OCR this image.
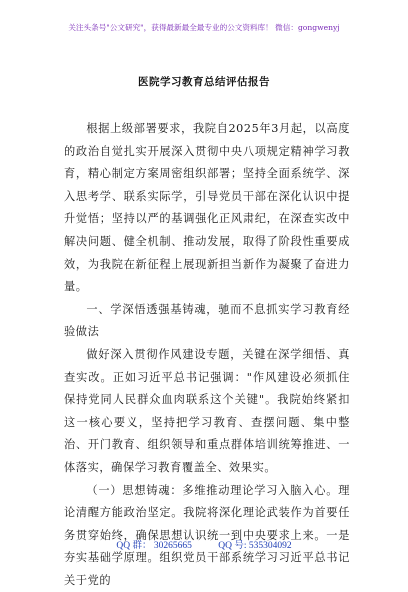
关注头条号"公文研究"，获得最新最全最专业的公文资料库！ 微信：gongwenyj
医院学习教育总结评估报告

根据上级部署要求，我院自2025年3月起，以高度的政治自觉扎实开展深入贯彻中央八项规定精神学习教育，精心制定方案周密组织部署；坚持全面系统学、深入思考学、联系实际学，引导党员干部在深化认识中提升觉悟；坚持以严的基调强化正风肃纪，在深查实改中解决问题、健全机制、推动发展，取得了阶段性重要成效，为我院在新征程上展现新担当新作为凝聚了奋进力量。

一、学深悟透强基铸魂，驰而不息抓实学习教育经验做法

做好深入贯彻作风建设专题，关键在深学细悟、真查实改。正如习近平总书记强调："作风建设必须抓住保持党同人民群众血肉联系这个关键"。我院始终紧扣这一核心要义，坚持把学习教育、查摆问题、集中整治、开门教育、组织领导和重点群体培训统筹推进、一体落实，确保学习教育覆盖全、效果实。

（一）思想铸魂：多维推动理论学习入脑入心。理论清醒方能政治坚定。我院将深化理论武装作为首要任务贯穿始终，确保思想认识统一到中央要求上来。一是夯实基础学原理。组织党员干部系统学习习近平总书记关于党的

QQ 群： 30265665	QQ 号: 535304092
